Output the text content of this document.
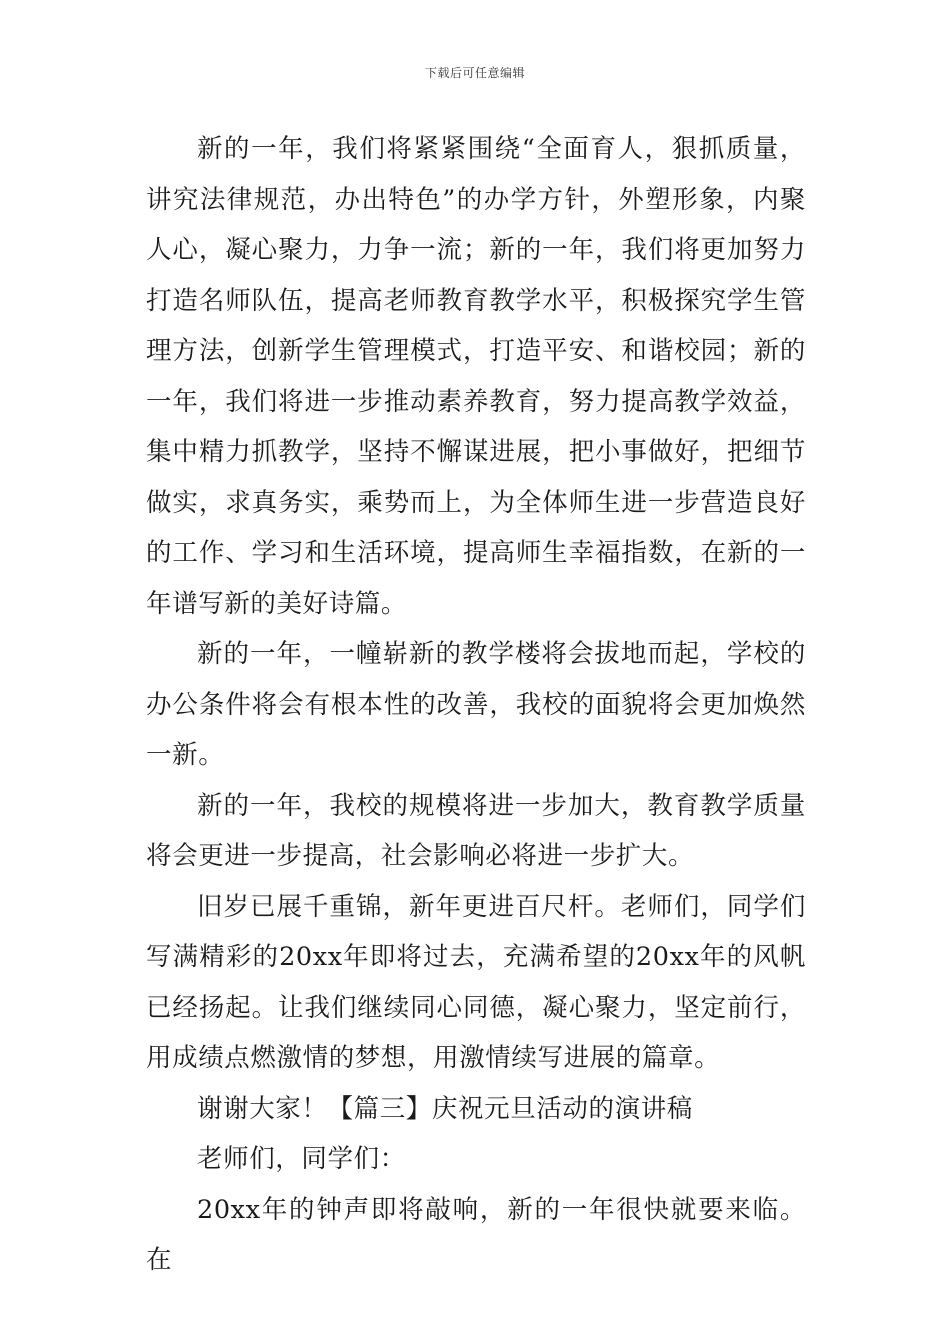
下载后可任意编辑

新的一年，我们将紧紧围绕“全面育人，狠抓质量，讲究法律规范，办出特色”的办学方针，外塑形象，内聚人心，凝心聚力，力争一流；新的一年，我们将更加努力打造名师队伍，提高老师教育教学水平，积极探究学生管理方法，创新学生管理模式，打造平安、和谐校园；新的一年，我们将进一步推动素养教育，努力提高教学效益，集中精力抓教学，坚持不懈谋进展，把小事做好，把细节做实，求真务实，乘势而上，为全体师生进一步营造良好的工作、学习和生活环境，提高师生幸福指数，在新的一年谱写新的美好诗篇。

新的一年，一幢崭新的教学楼将会拔地而起，学校的办公条件将会有根本性的改善，我校的面貌将会更加焕然一新。

新的一年，我校的规模将进一步加大，教育教学质量将会更进一步提高，社会影响必将进一步扩大。

旧岁已展千重锦，新年更进百尺杆。老师们，同学们写满精彩的20xx年即将过去，充满希望的20xx年的风帆已经扬起。让我们继续同心同德，凝心聚力，坚定前行，用成绩点燃激情的梦想，用激情续写进展的篇章。

谢谢大家！【篇三】庆祝元旦活动的演讲稿

老师们，同学们：

20xx年的钟声即将敲响，新的一年很快就要来临。在
